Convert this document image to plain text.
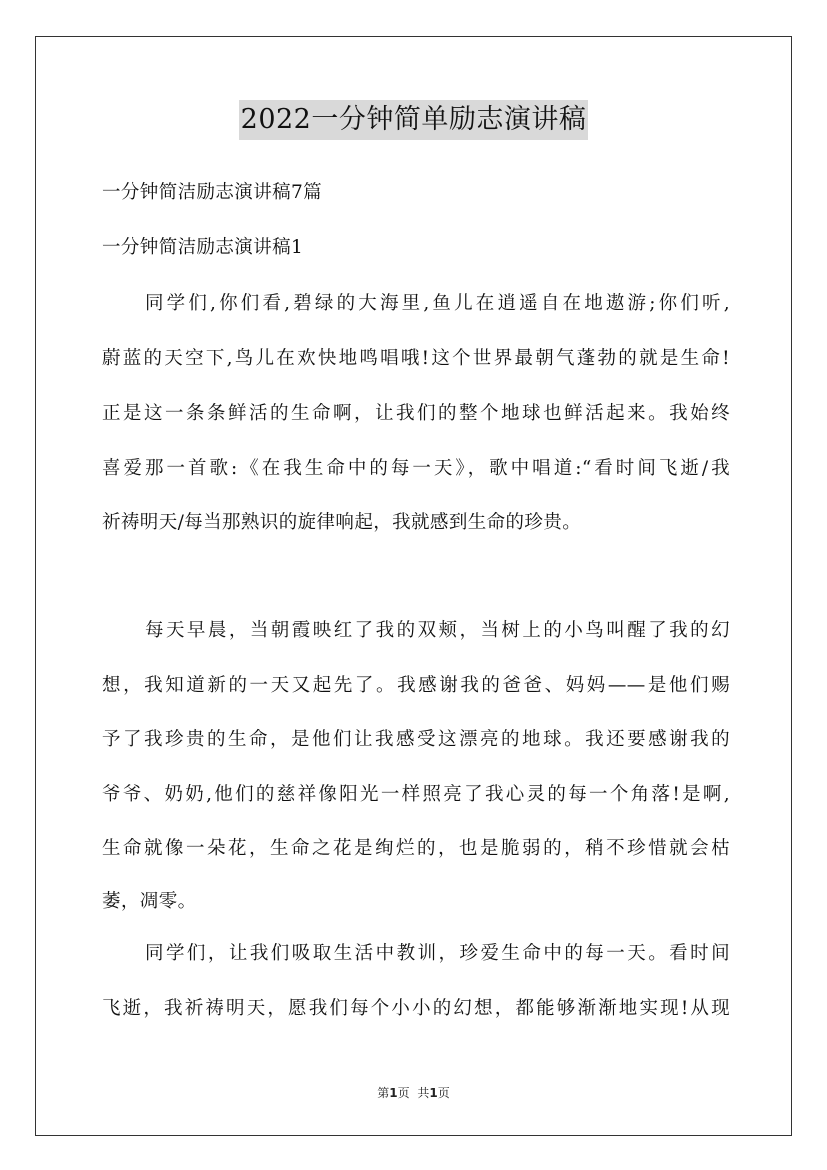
2022一分钟简单励志演讲稿
一分钟简洁励志演讲稿7篇
一分钟简洁励志演讲稿1
同学们,你们看,碧绿的大海里,鱼儿在逍遥自在地遨游;你们听,
蔚蓝的天空下,鸟儿在欢快地鸣唱哦!这个世界最朝气蓬勃的就是生命!
正是这一条条鲜活的生命啊，让我们的整个地球也鲜活起来。我始终
喜爱那一首歌:《在我生命中的每一天》，歌中唱道:“看时间飞逝/我
祈祷明天/每当那熟识的旋律响起，我就感到生命的珍贵。
每天早晨，当朝霞映红了我的双颊，当树上的小鸟叫醒了我的幻
想，我知道新的一天又起先了。我感谢我的爸爸、妈妈——是他们赐
予了我珍贵的生命，是他们让我感受这漂亮的地球。我还要感谢我的
爷爷、奶奶,他们的慈祥像阳光一样照亮了我心灵的每一个角落!是啊,
生命就像一朵花，生命之花是绚烂的，也是脆弱的，稍不珍惜就会枯
萎，凋零。
同学们，让我们吸取生活中教训，珍爱生命中的每一天。看时间
飞逝，我祈祷明天，愿我们每个小小的幻想，都能够渐渐地实现!从现
第1页 共1页
